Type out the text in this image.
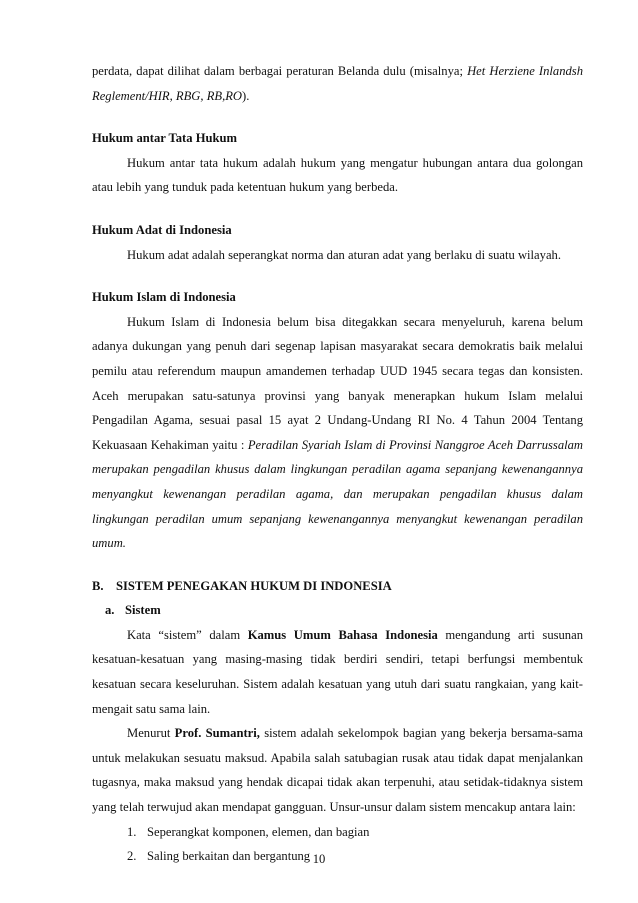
perdata, dapat dilihat dalam berbagai peraturan Belanda dulu (misalnya; Het Herziene Inlandsh Reglement/HIR, RBG, RB,RO).

Hukum antar Tata Hukum

Hukum antar tata hukum adalah hukum yang mengatur hubungan antara dua golongan atau lebih yang tunduk pada ketentuan hukum yang berbeda.

Hukum Adat di Indonesia

Hukum adat adalah seperangkat norma dan aturan adat yang berlaku di suatu wilayah.

Hukum Islam di Indonesia

Hukum Islam di Indonesia belum bisa ditegakkan secara menyeluruh, karena belum adanya dukungan yang penuh dari segenap lapisan masyarakat secara demokratis baik melalui pemilu atau referendum maupun amandemen terhadap UUD 1945 secara tegas dan konsisten. Aceh merupakan satu-satunya provinsi yang banyak menerapkan hukum Islam melalui Pengadilan Agama, sesuai pasal 15 ayat 2 Undang-Undang RI No. 4 Tahun 2004 Tentang Kekuasaan Kehakiman yaitu : Peradilan Syariah Islam di Provinsi Nanggroe Aceh Darrussalam merupakan pengadilan khusus dalam lingkungan peradilan agama sepanjang kewenangannya menyangkut kewenangan peradilan agama, dan merupakan pengadilan khusus dalam lingkungan peradilan umum sepanjang kewenangannya menyangkut kewenangan peradilan umum.

B. SISTEM PENEGAKAN HUKUM DI INDONESIA

a. Sistem

Kata “sistem” dalam Kamus Umum Bahasa Indonesia mengandung arti susunan kesatuan-kesatuan yang masing-masing tidak berdiri sendiri, tetapi berfungsi membentuk kesatuan secara keseluruhan. Sistem adalah kesatuan yang utuh dari suatu rangkaian, yang kait-mengait satu sama lain.

Menurut Prof. Sumantri, sistem adalah sekelompok bagian yang bekerja bersama-sama untuk melakukan sesuatu maksud. Apabila salah satubagian rusak atau tidak dapat menjalankan tugasnya, maka maksud yang hendak dicapai tidak akan terpenuhi, atau setidak-tidaknya sistem yang telah terwujud akan mendapat gangguan. Unsur-unsur dalam sistem mencakup antara lain:

1. Seperangkat komponen, elemen, dan bagian
2. Saling berkaitan dan bergantung 10
